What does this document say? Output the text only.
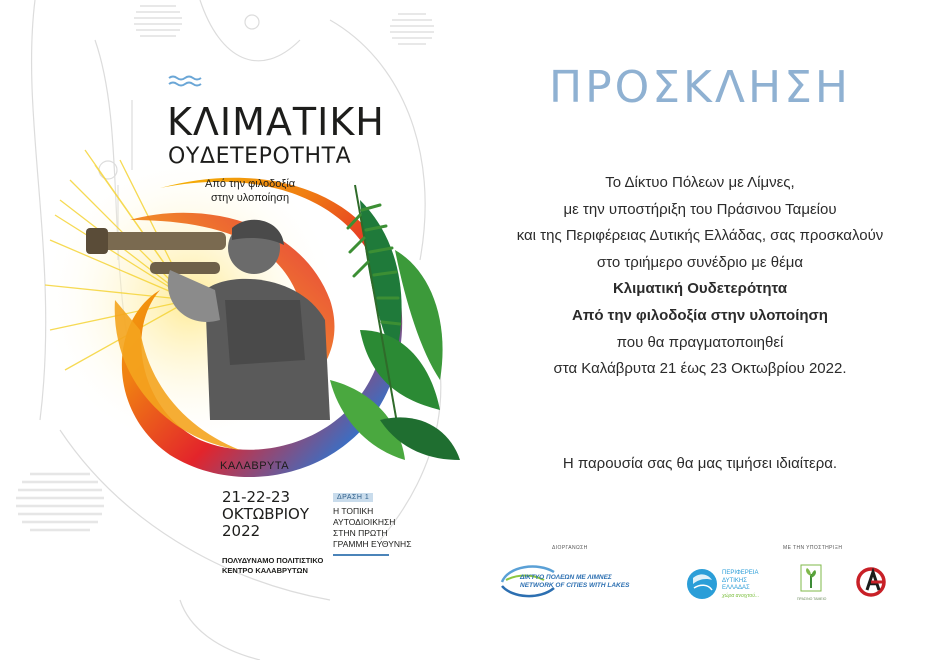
ΚΛΙΜΑΤΙΚΗ
ΟΥΔΕΤΕΡΟΤΗΤΑ
Από την φιλοδοξία
στην υλοποίηση
ΚΑΛΑΒΡΥΤΑ
21-22-23
ΟΚΤΩΒΡΙΟΥ
2022
ΠΟΛΥΔΥΝΑΜΟ ΠΟΛΙΤΙΣΤΙΚΟ
ΚΕΝΤΡΟ ΚΑΛΑΒΡΥΤΩΝ
ΔΡΑΣΗ 1
Η ΤΟΠΙΚΗ
ΑΥΤΟΔΙΟΙΚΗΣΗ
ΣΤΗΝ ΠΡΩΤΗ
ΓΡΑΜΜΗ ΕΥΘΥΝΗΣ
ΠΡΟΣΚΛΗΣΗ
Το Δίκτυο Πόλεων με Λίμνες,
με την υποστήριξη του Πράσινου Ταμείου
και της Περιφέρειας Δυτικής Ελλάδας, σας προσκαλούν
στο τριήμερο συνέδριο με θέμα
Κλιματική Ουδετερότητα
Από την φιλοδοξία στην υλοποίηση
που θα πραγματοποιηθεί
στα Καλάβρυτα 21 έως 23 Οκτωβρίου 2022.
Η παρουσία σας θα μας τιμήσει ιδιαίτερα.
ΔΙΟΡΓΑΝΩΣΗ	ΜΕ ΤΗΝ ΥΠΟΣΤΗΡΙΞΗ
ΔΙΚΤΥΟ ΠΟΛΕΩΝ ΜΕ ΛΙΜΝΕΣ
NETWORK OF CITIES WITH LAKES
ΠΕΡΙΦΕΡΕΙΑ
ΔΥΤΙΚΗΣ
ΕΛΛΑΔΑΣ
χώρα ανοιχτού...
ΠΡΑΣΙΝΟ ΤΑΜΕΙΟ
